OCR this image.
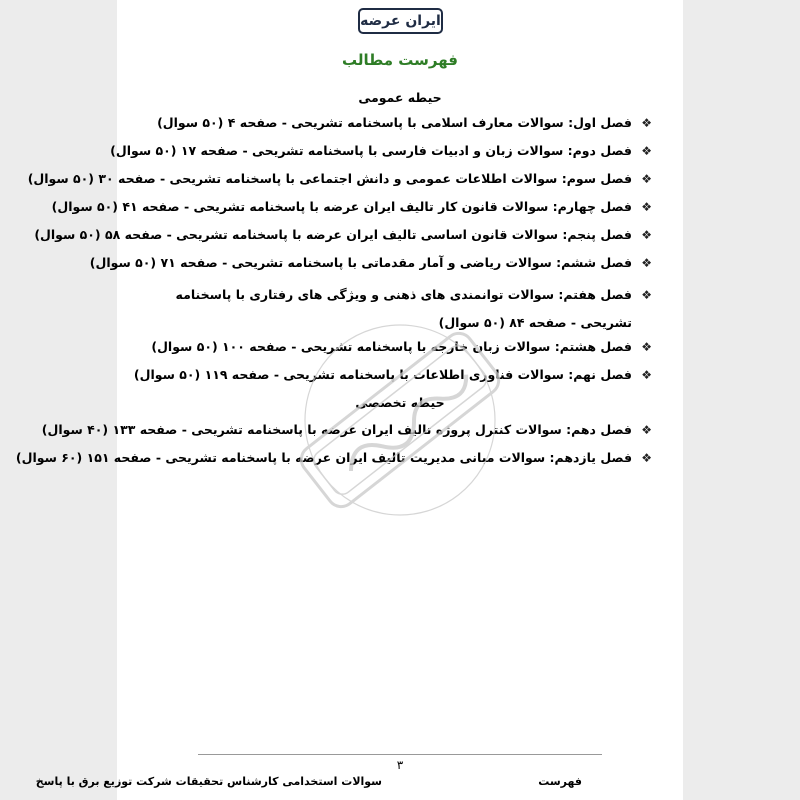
ایران عرضه
فهرست مطالب
حیطه عمومی
❖
فصل اول: سوالات معارف اسلامی با پاسخنامه تشریحی - صفحه ۴ (۵۰ سوال)
❖
فصل دوم: سوالات زبان و ادبیات فارسی با پاسخنامه تشریحی - صفحه ۱۷ (۵۰ سوال)
❖
فصل سوم: سوالات اطلاعات عمومی و دانش اجتماعی با پاسخنامه تشریحی - صفحه ۳۰ (۵۰ سوال)
❖
فصل چهارم: سوالات قانون کار تالیف ایران عرضه با پاسخنامه تشریحی - صفحه ۴۱ (۵۰ سوال)
❖
فصل پنجم: سوالات قانون اساسی تالیف ایران عرضه با پاسخنامه تشریحی - صفحه ۵۸ (۵۰ سوال)
❖
فصل ششم: سوالات ریاضی و آمار مقدماتی با پاسخنامه تشریحی - صفحه ۷۱ (۵۰ سوال)
❖
فصل هفتم: سوالات توانمندی های ذهنی و ویژگی های رفتاری با پاسخنامه تشریحی - صفحه ۸۴ (۵۰ سوال)
❖
فصل هشتم: سوالات زبان خارجه با پاسخنامه تشریحی - صفحه ۱۰۰ (۵۰ سوال)
❖
فصل نهم: سوالات فناوری اطلاعات با پاسخنامه تشریحی - صفحه ۱۱۹ (۵۰ سوال)
حیطه تخصصی
❖
فصل دهم: سوالات کنترل پروژه تالیف ایران عرضه با پاسخنامه تشریحی - صفحه ۱۳۳ (۴۰ سوال)
❖
فصل یازدهم: سوالات مبانی مدیریت تالیف ایران عرضه با پاسخنامه تشریحی - صفحه ۱۵۱ (۶۰ سوال)
۳
سوالات استخدامی کارشناس تحقیقات شرکت توزیع برق با پاسخ	فهرست
